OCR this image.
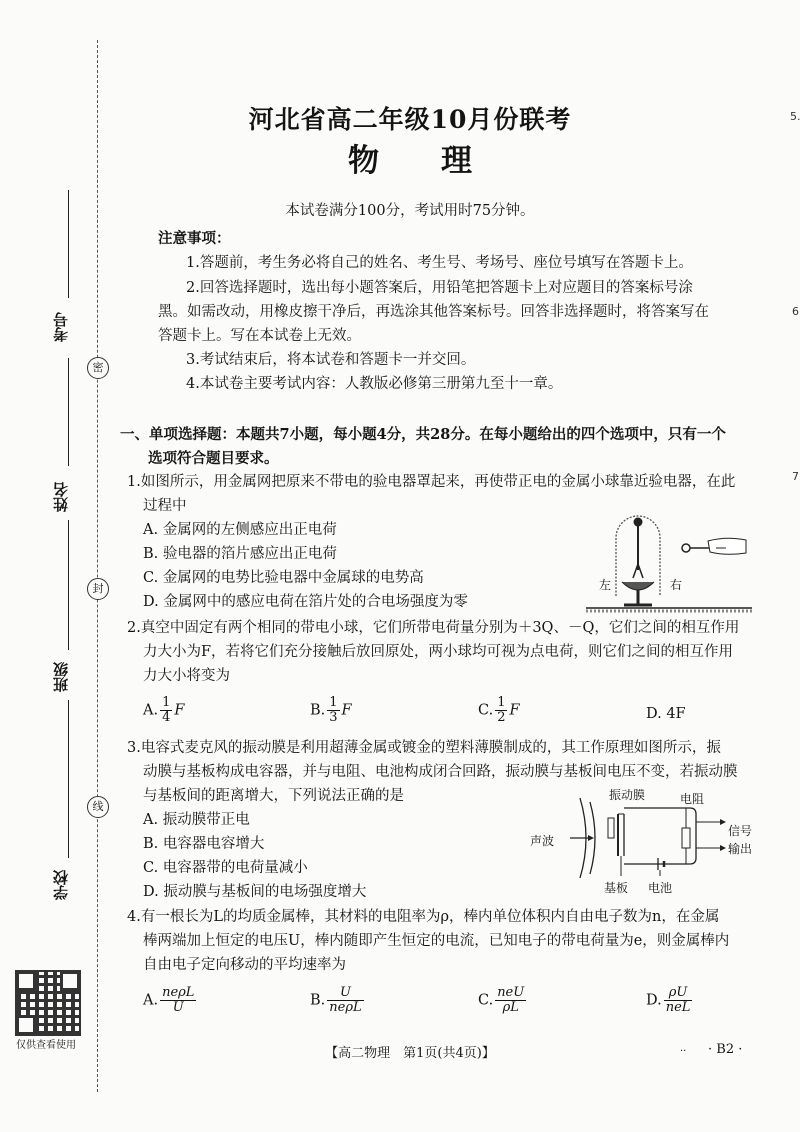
密
封
线
考号
姓名
班级
学校
仅供查看使用
5.
6
7
河北省高二年级10月份联考
物　　理
本试卷满分100分，考试用时75分钟。
注意事项：
1.答题前，考生务必将自己的姓名、考生号、考场号、座位号填写在答题卡上。
2.回答选择题时，选出每小题答案后，用铅笔把答题卡上对应题目的答案标号涂
黑。如需改动，用橡皮擦干净后，再选涂其他答案标号。回答非选择题时，将答案写在
答题卡上。写在本试卷上无效。
3.考试结束后，将本试卷和答题卡一并交回。
4.本试卷主要考试内容：人教版必修第三册第九至十一章。
一、单项选择题：本题共7小题，每小题4分，共28分。在每小题给出的四个选项中，只有一个
选项符合题目要求。
1.如图所示，用金属网把原来不带电的验电器罩起来，再使带正电的金属小球靠近验电器，在此
过程中
A. 金属网的左侧感应出正电荷
B. 验电器的箔片感应出正电荷
C. 金属网的电势比验电器中金属球的电势高
D. 金属网中的感应电荷在箔片处的合电场强度为零
左	右
2.真空中固定有两个相同的带电小球，它们所带电荷量分别为＋3Q、－Q，它们之间的相互作用
力大小为F，若将它们充分接触后放回原处，两小球均可视为点电荷，则它们之间的相互作用
力大小将变为
A. $\frac{1}{4}$ F	B. $\frac{1}{3}$ F	C. $\frac{1}{2}$ F	D. 4F
3.电容式麦克风的振动膜是利用超薄金属或镀金的塑料薄膜制成的，其工作原理如图所示，振
动膜与基板构成电容器，并与电阻、电池构成闭合回路，振动膜与基板间电压不变，若振动膜
与基板间的距离增大，下列说法正确的是
A. 振动膜带正电
B. 电容器电容增大
C. 电容器带的电荷量减小
D. 振动膜与基板间的电场强度增大
振动膜	电阻
声波
信号
输出
基板 电池
4.有一根长为L的均质金属棒，其材料的电阻率为ρ，棒内单位体积内自由电子数为n，在金属
棒两端加上恒定的电压U，棒内随即产生恒定的电流，已知电子的带电荷量为e，则金属棒内
自由电子定向移动的平均速率为
A. $\frac{\text{neρL}}{U}$	B. $\frac{U}{\text{neρL}}$	C. $\frac{\text{neU}}{\rho L}$	D. $\frac{\rho U}{\text{neL}}$
【高二物理　第1页(共4页)】	·· · B2 ·
